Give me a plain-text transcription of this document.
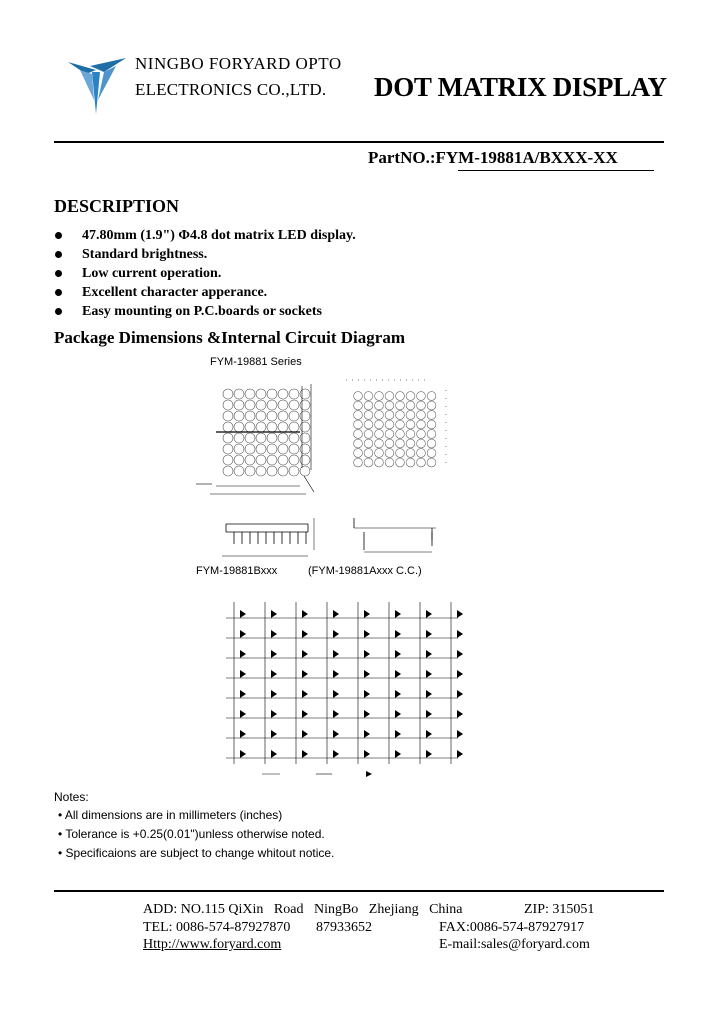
NINGBO FORYARD OPTO
ELECTRONICS CO.,LTD. DOT MATRIX DISPLAY
PartNO.:FYM-19881A/BXXX-XX
DESCRIPTION
47.80mm (1.9") Φ4.8 dot matrix LED display.
Standard brightness.
Low current operation.
Excellent character apperance.
Easy mounting on P.C.boards or sockets
Package Dimensions &Internal Circuit Diagram
FYM-19881 Series
FYM-19881Bxxx	(FYM-19881Axxx C.C.)
Notes:
• All dimensions are in millimeters (inches)
• Tolerance is +0.25(0.01")unless otherwise noted.
• Specificaions are subject to change whitout notice.
ADD: NO.115 QiXin   Road   NingBo   Zhejiang   China	ZIP: 315051
TEL: 0086-574-87927870 87933652	FAX:0086-574-87927917
Http://www.foryard.com	E-mail:sales@foryard.com
